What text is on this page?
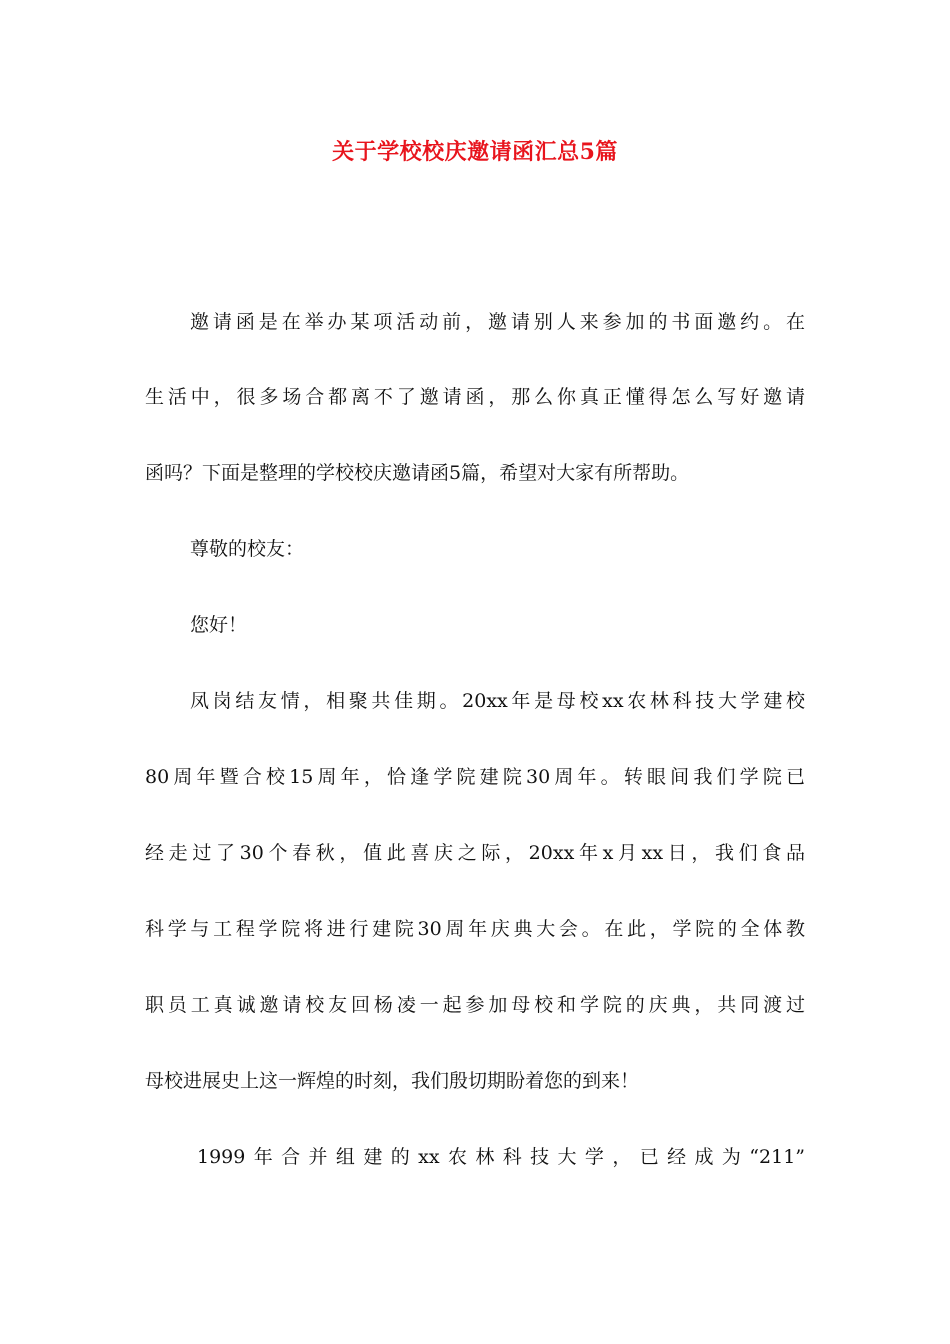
关于学校校庆邀请函汇总5篇
邀请函是在举办某项活动前，邀请别人来参加的书面邀约。在
生活中，很多场合都离不了邀请函，那么你真正懂得怎么写好邀请
函吗？下面是整理的学校校庆邀请函5篇，希望对大家有所帮助。
尊敬的校友：
您好！
凤岗结友情，相聚共佳期。20xx年是母校xx农林科技大学建校
80周年暨合校15周年，恰逢学院建院30周年。转眼间我们学院已
经走过了30个春秋，值此喜庆之际，20xx年x月xx日，我们食品
科学与工程学院将进行建院30周年庆典大会。在此，学院的全体教
职员工真诚邀请校友回杨凌一起参加母校和学院的庆典，共同渡过
母校进展史上这一辉煌的时刻，我们殷切期盼着您的到来！
1999年合并组建的xx农林科技大学，已经成为“211”
